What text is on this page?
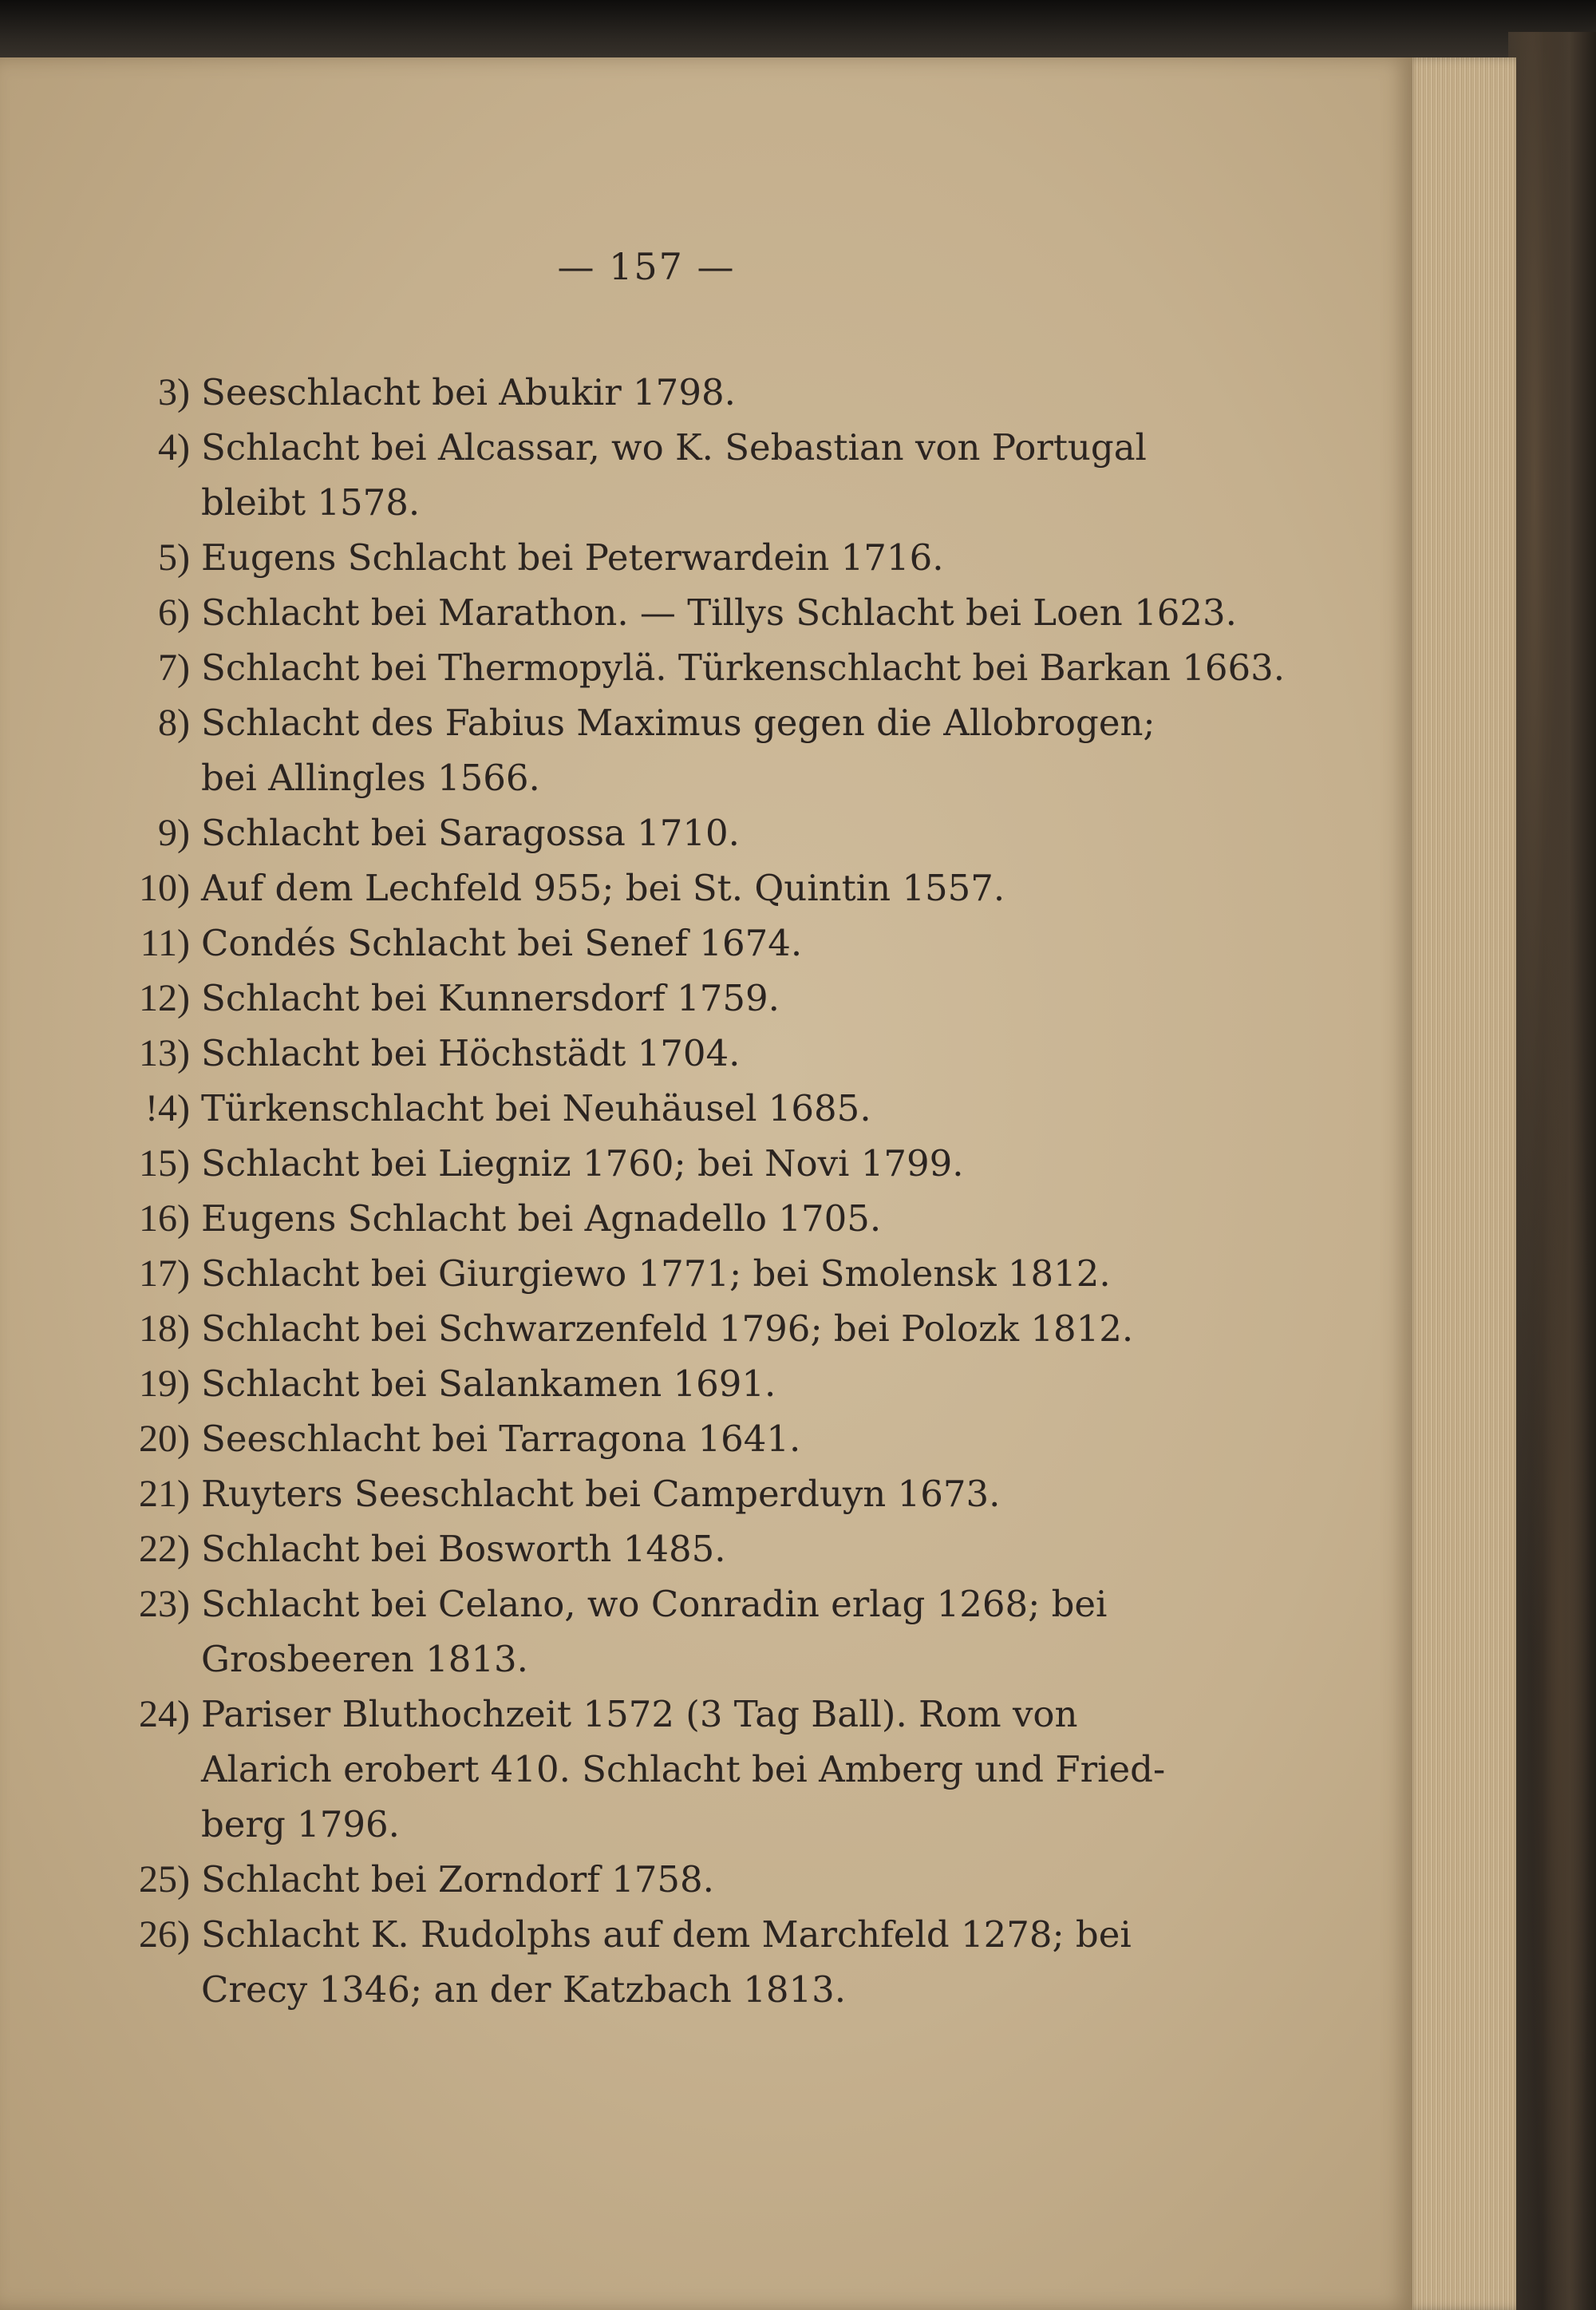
— 157 —
3) Seeschlacht bei Abukir 1798.
4) Schlacht bei Alcassar, wo K. Sebastian von Portugal
bleibt 1578.
5) Eugens Schlacht bei Peterwardein 1716.
6) Schlacht bei Marathon. — Tillys Schlacht bei Loen 1623.
7) Schlacht bei Thermopylä. Türkenschlacht bei Barkan 1663.
8) Schlacht des Fabius Maximus gegen die Allobrogen;
bei Allingles 1566.
9) Schlacht bei Saragossa 1710.
10) Auf dem Lechfeld 955; bei St. Quintin 1557.
11) Condés Schlacht bei Senef 1674.
12) Schlacht bei Kunnersdorf 1759.
13) Schlacht bei Höchstädt 1704.
!4) Türkenschlacht bei Neuhäusel 1685.
15) Schlacht bei Liegniz 1760; bei Novi 1799.
16) Eugens Schlacht bei Agnadello 1705.
17) Schlacht bei Giurgiewo 1771; bei Smolensk 1812.
18) Schlacht bei Schwarzenfeld 1796; bei Polozk 1812.
19) Schlacht bei Salankamen 1691.
20) Seeschlacht bei Tarragona 1641.
21) Ruyters Seeschlacht bei Camperduyn 1673.
22) Schlacht bei Bosworth 1485.
23) Schlacht bei Celano, wo Conradin erlag 1268; bei
Grosbeeren 1813.
24) Pariser Bluthochzeit 1572 (3 Tag Ball). Rom von
Alarich erobert 410. Schlacht bei Amberg und Fried-
berg 1796.
25) Schlacht bei Zorndorf 1758.
26) Schlacht K. Rudolphs auf dem Marchfeld 1278; bei
Crecy 1346; an der Katzbach 1813.
